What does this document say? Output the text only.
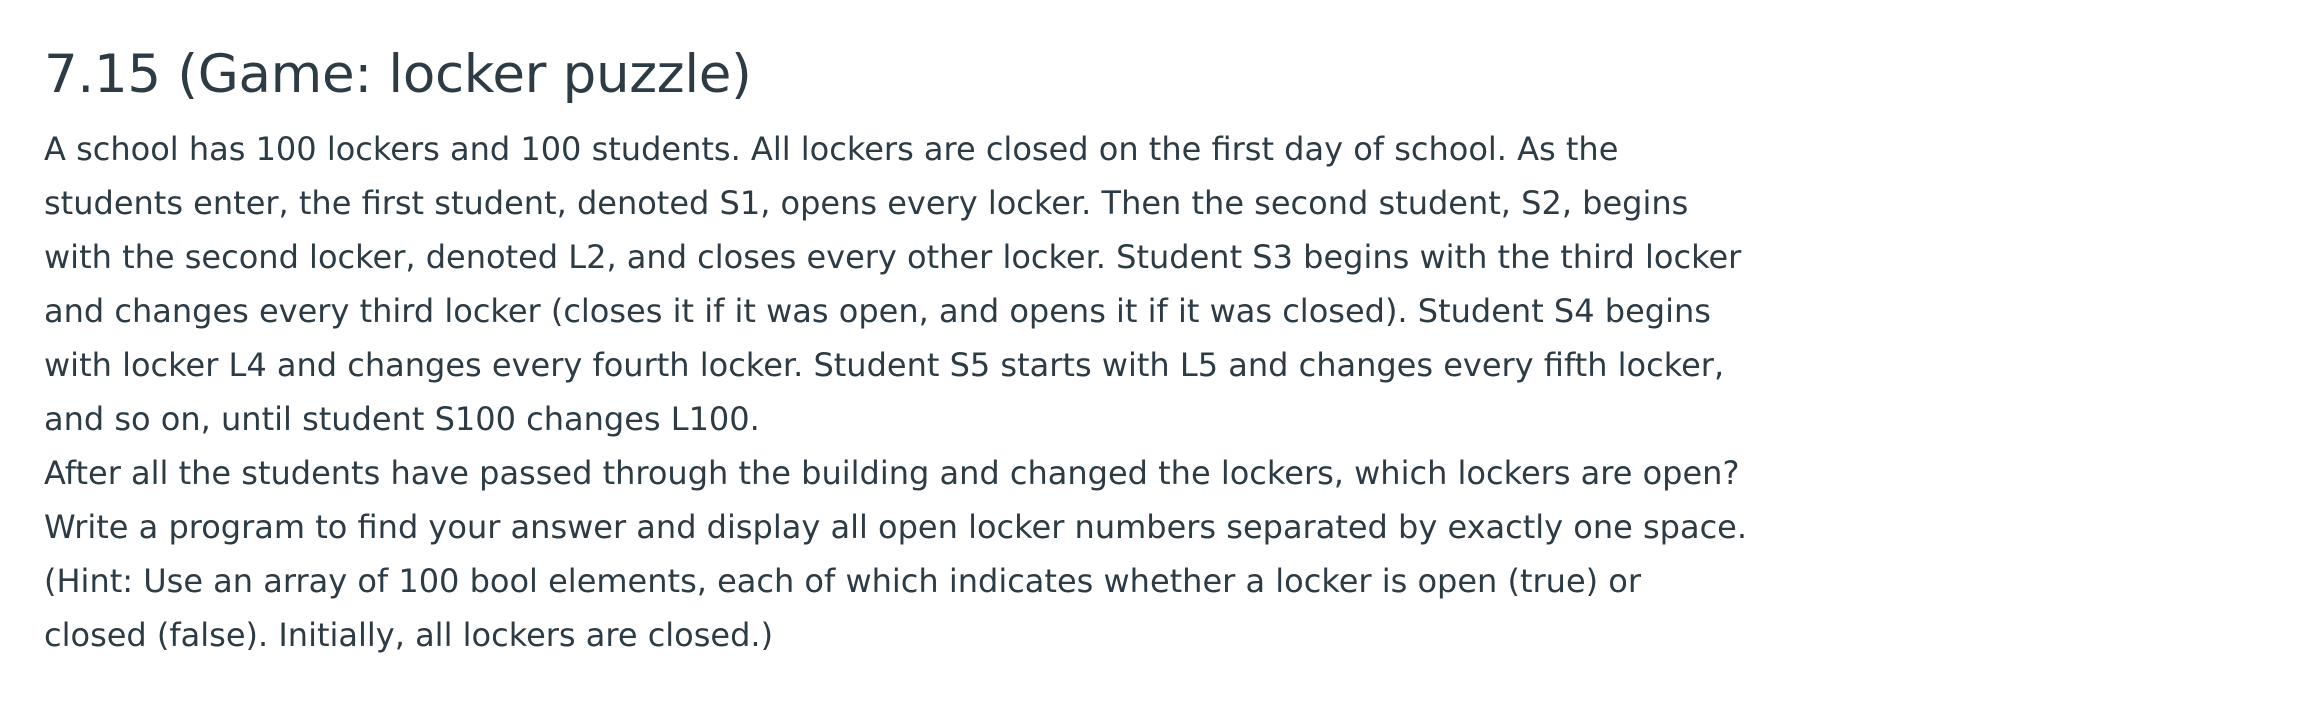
7.15 (Game: locker puzzle)
A school has 100 lockers and 100 students. All lockers are closed on the first day of school. As the
students enter, the first student, denoted S1, opens every locker. Then the second student, S2, begins
with the second locker, denoted L2, and closes every other locker. Student S3 begins with the third locker
and changes every third locker (closes it if it was open, and opens it if it was closed). Student S4 begins
with locker L4 and changes every fourth locker. Student S5 starts with L5 and changes every fifth locker,
and so on, until student S100 changes L100.
After all the students have passed through the building and changed the lockers, which lockers are open?
Write a program to find your answer and display all open locker numbers separated by exactly one space.
(Hint: Use an array of 100 bool elements, each of which indicates whether a locker is open (true) or
closed (false). Initially, all lockers are closed.)
